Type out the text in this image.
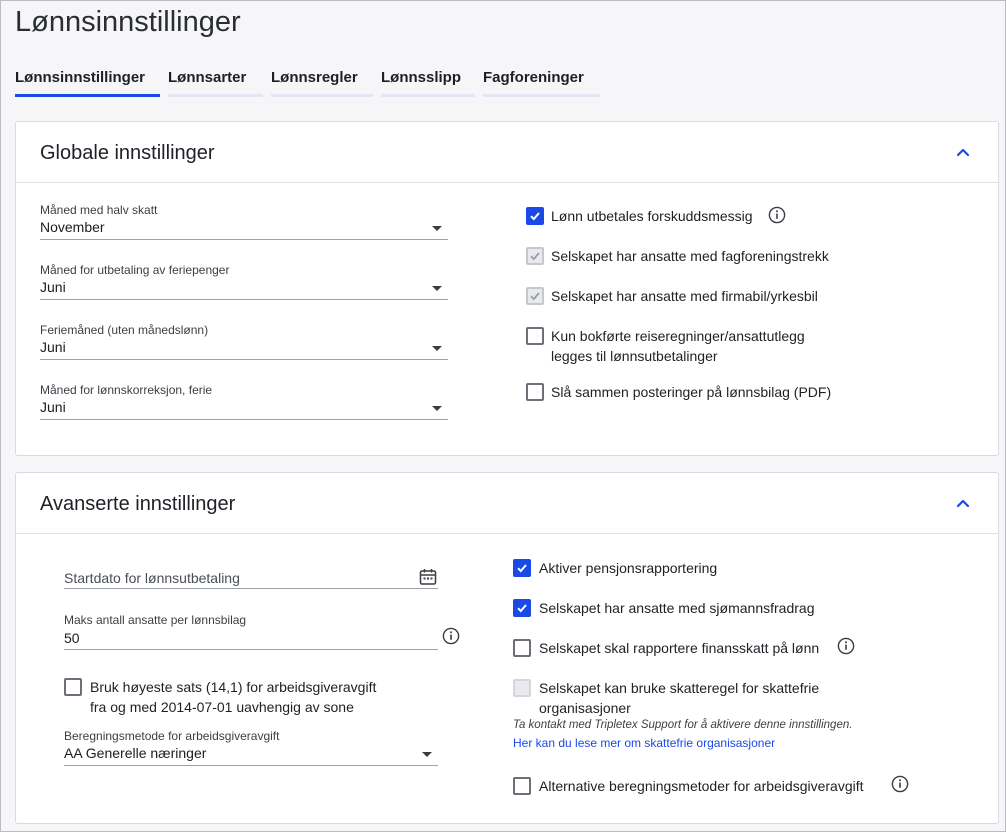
Lønnsinnstillinger
Lønnsinnstillinger	Lønnsarter	Lønnsregler	Lønnsslipp	Fagforeninger
Globale innstillinger
Måned med halv skatt
November
Måned for utbetaling av feriepenger
Juni
Feriemåned (uten månedslønn)
Juni
Måned for lønnskorreksjon, ferie
Juni
Lønn utbetales forskuddsmessig
Selskapet har ansatte med fagforeningstrekk
Selskapet har ansatte med firmabil/yrkesbil
Kun bokførte reiseregninger/ansattutlegg
legges til lønnsutbetalinger
Slå sammen posteringer på lønnsbilag (PDF)
Avanserte innstillinger
Startdato for lønnsutbetaling
Maks antall ansatte per lønnsbilag
50
Bruk høyeste sats (14,1) for arbeidsgiveravgift
fra og med 2014-07-01 uavhengig av sone
Beregningsmetode for arbeidsgiveravgift
AA Generelle næringer
Aktiver pensjonsrapportering
Selskapet har ansatte med sjømannsfradrag
Selskapet skal rapportere finansskatt på lønn
Selskapet kan bruke skatteregel for skattefrie
organisasjoner
Ta kontakt med Tripletex Support for å aktivere denne innstillingen.
Her kan du lese mer om skattefrie organisasjoner
Alternative beregningsmetoder for arbeidsgiveravgift
